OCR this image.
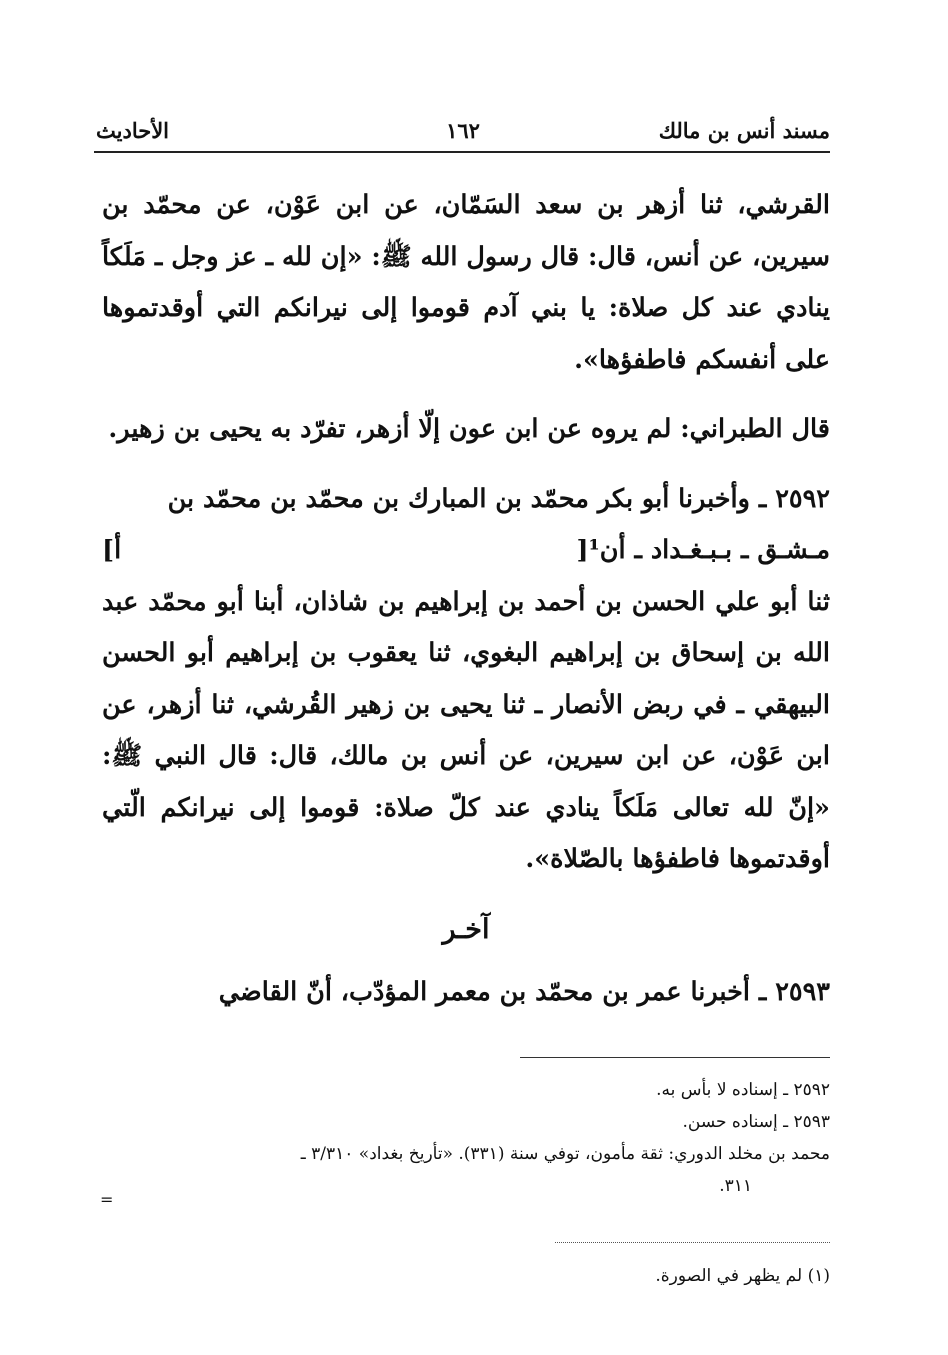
مسند أنس بن مالك
١٦٢
الأحاديث

القرشي، ثنا أزهر بن سعد السَمّان، عن ابن عَوْن، عن محمّد بن سيرين، عن أنس، قال: قال رسول الله ﷺ: «إن لله ـ عز وجل ـ مَلَكاً ينادي عند كل صلاة: يا بني آدم قوموا إلى نيرانكم التي أوقدتموها على أنفسكم فاطفؤها».

قال الطبراني: لم يروه عن ابن عون إلّا أزهر، تفرّد به يحيى بن زهير.

٢٥٩٢ ـ وأخبرنا أبو بكر محمّد بن المبارك بن محمّد بن محمّد بن
مـشـق ـ بـبـغـداد ـ أن¹[
أ]
ثنا أبو علي الحسن بن أحمد بن إبراهيم بن شاذان، أبنا أبو محمّد عبد الله بن إسحاق بن إبراهيم البغوي، ثنا يعقوب بن إبراهيم أبو الحسن البيهقي ـ في ربض الأنصار ـ ثنا يحيى بن زهير القُرشي، ثنا أزهر، عن ابن عَوْن، عن ابن سيرين، عن أنس بن مالك، قال: قال النبي ﷺ: «إنّ لله تعالى مَلَكاً ينادي عند كلّ صلاة: قوموا إلى نيرانكم الّتي أوقدتموها فاطفؤها بالصّلاة».

آخـر

٢٥٩٣ ـ أخبرنا عمر بن محمّد بن معمر المؤدّب، أنّ القاضي

٢٥٩٢ ـ إسناده لا بأس به.

٢٥٩٣ ـ إسناده حسن.

محمد بن مخلد الدوري: ثقة مأمون، توفي سنة (٣٣١). «تأريخ بغداد» ٣/٣١٠ ـ

٣١١.

=
(١) لم يظهر في الصورة.
